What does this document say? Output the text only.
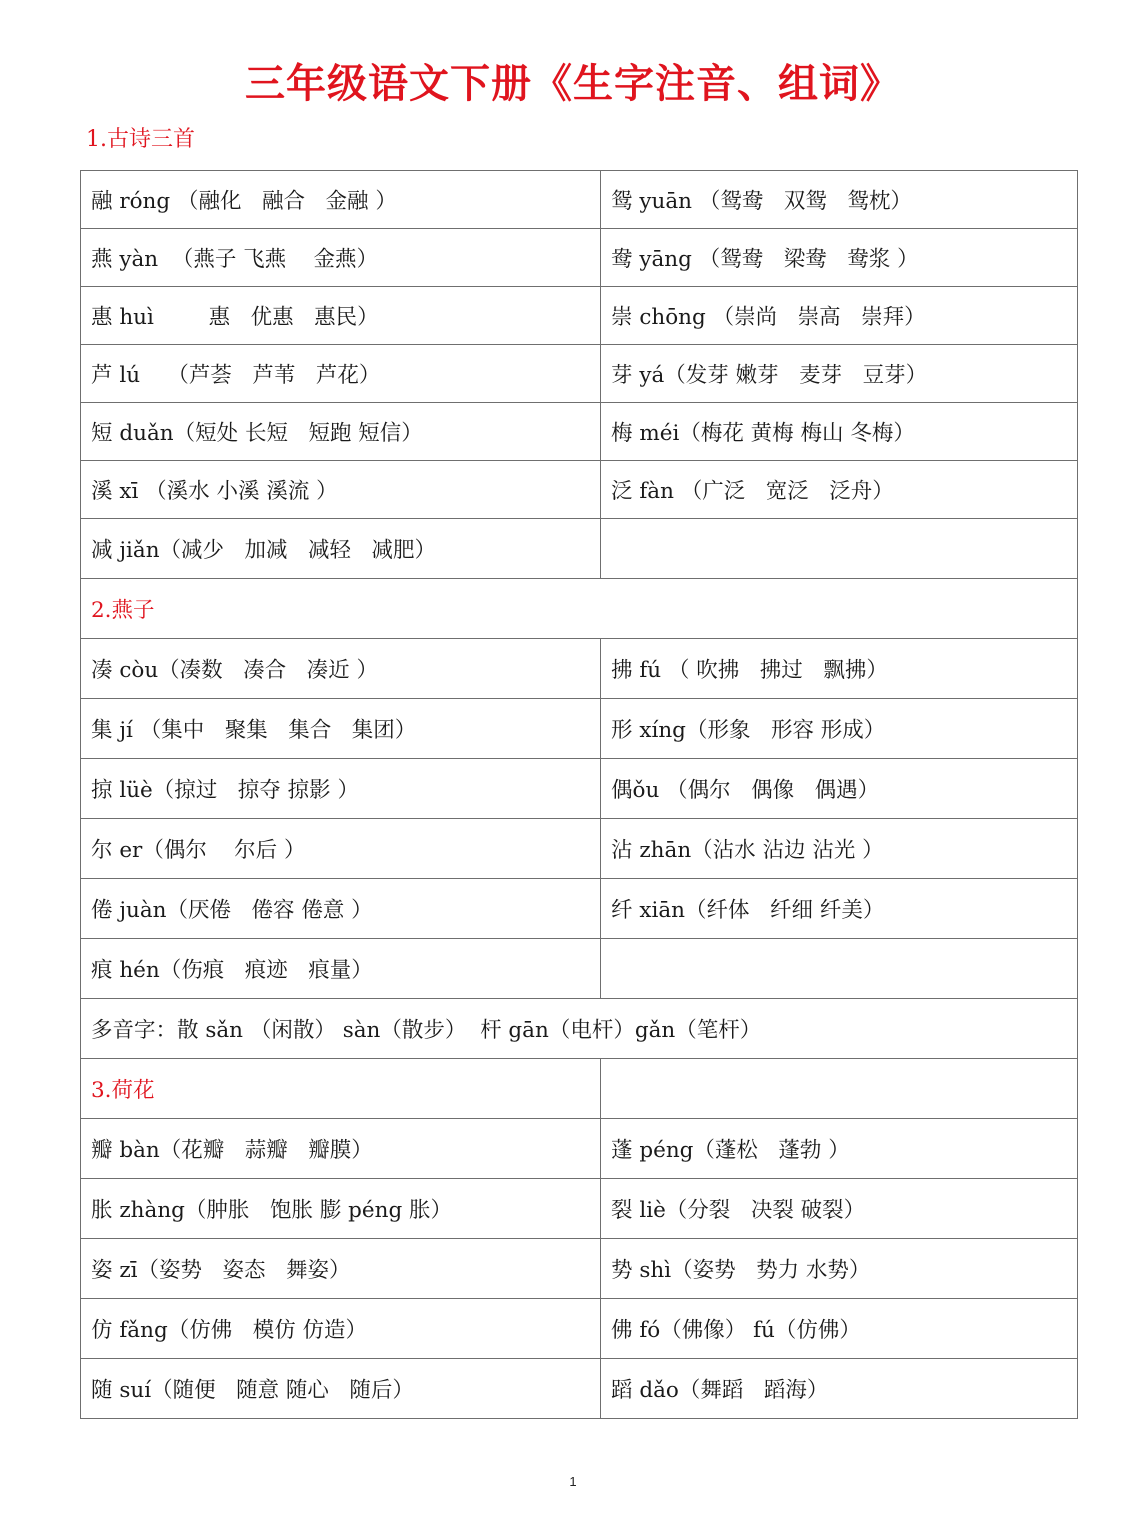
三年级语文下册《生字注音、组词》
1.古诗三首
融 róng （融化   融合   金融 ）	鸳 yuān （鸳鸯   双鸳   鸳枕）
燕 yàn  （燕子 飞燕    金燕）	鸯 yāng （鸳鸯   梁鸯   鸯浆 ）
惠 huì        惠   优惠   惠民）	崇 chōng （崇尚   崇高   崇拜）
芦 lú    （芦荟   芦苇   芦花）	芽 yá（发芽 嫩芽   麦芽   豆芽）
短 duǎn（短处 长短   短跑 短信）	梅 méi（梅花 黄梅 梅山 冬梅）
溪 xī （溪水 小溪 溪流 ）	泛 fàn （广泛   宽泛   泛舟）
减 jiǎn（减少   加减   减轻   减肥）	
2.燕子	
凑 còu（凑数   凑合   凑近 ）	拂 fú （ 吹拂   拂过   飘拂）
集 jí （集中   聚集   集合   集团）	形 xíng（形象   形容 形成）
掠 lüè（掠过   掠夺 掠影 ）	偶ǒu （偶尔   偶像   偶遇）
尔 er（偶尔    尔后 ）	沾 zhān（沾水 沾边 沾光 ）
倦 juàn（厌倦   倦容 倦意 ）	纤 xiān（纤体   纤细 纤美）
痕 hén（伤痕   痕迹   痕量）	
多音字：散 sǎn （闲散） sàn（散步）  杆 gān（电杆）gǎn（笔杆）	
3.荷花	
瓣 bàn（花瓣   蒜瓣   瓣膜）	蓬 péng（蓬松   蓬勃 ）
胀 zhàng（肿胀   饱胀 膨 péng 胀）	裂 liè（分裂   决裂 破裂）
姿 zī（姿势   姿态   舞姿）	势 shì（姿势   势力 水势）
仿 fǎng（仿佛   模仿 仿造）	佛 fó（佛像） fú（仿佛）
随 suí（随便   随意 随心   随后）	蹈 dǎo（舞蹈   蹈海）
1
